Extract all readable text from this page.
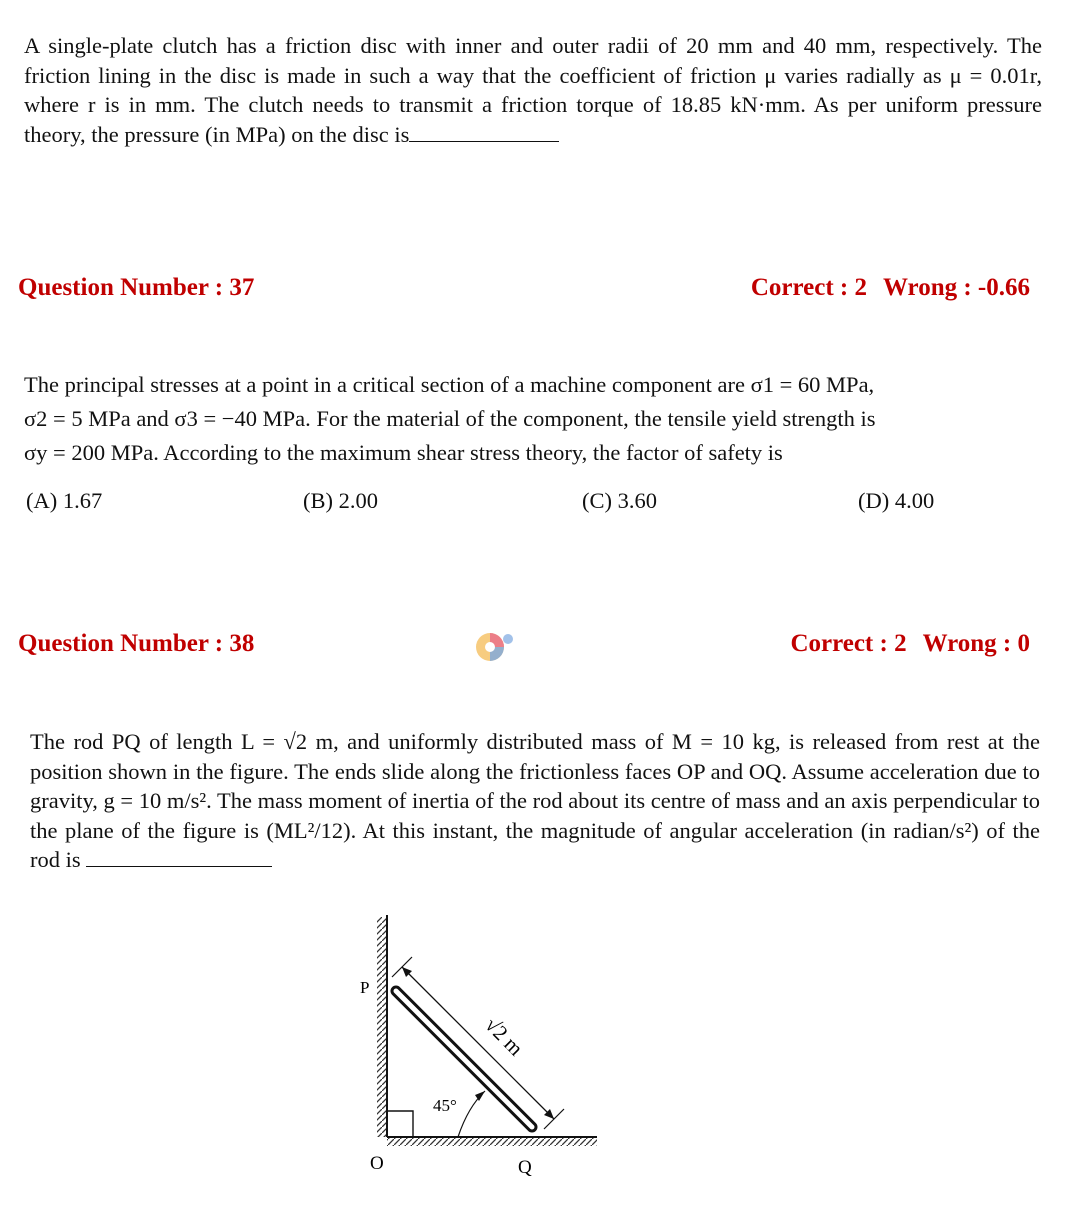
A single-plate clutch has a friction disc with inner and outer radii of 20 mm and 40 mm, respectively. The friction lining in the disc is made in such a way that the coefficient of friction μ varies radially as μ = 0.01r, where r is in mm. The clutch needs to transmit a friction torque of 18.85 kN·mm. As per uniform pressure theory, the pressure (in MPa) on the disc is

Question Number : 37	Correct : 2 Wrong : -0.66

The principal stresses at a point in a critical section of a machine component are σ1 = 60 MPa,

σ2 = 5 MPa and σ3 = −40 MPa. For the material of the component, the tensile yield strength is

σy = 200 MPa. According to the maximum shear stress theory, the factor of safety is

(A) 1.67	(B) 2.00	(C) 3.60	(D) 4.00
Question Number : 38	Correct : 2 Wrong : 0

The rod PQ of length L = √2 m, and uniformly distributed mass of M = 10 kg, is released from rest at the position shown in the figure. The ends slide along the frictionless faces OP and OQ. Assume acceleration due to gravity, g = 10 m/s². The mass moment of inertia of the rod about its centre of mass and an axis perpendicular to the plane of the figure is (ML²/12). At this instant, the magnitude of angular acceleration (in radian/s²) of the rod is

√2 m
45°
P
O	Q
